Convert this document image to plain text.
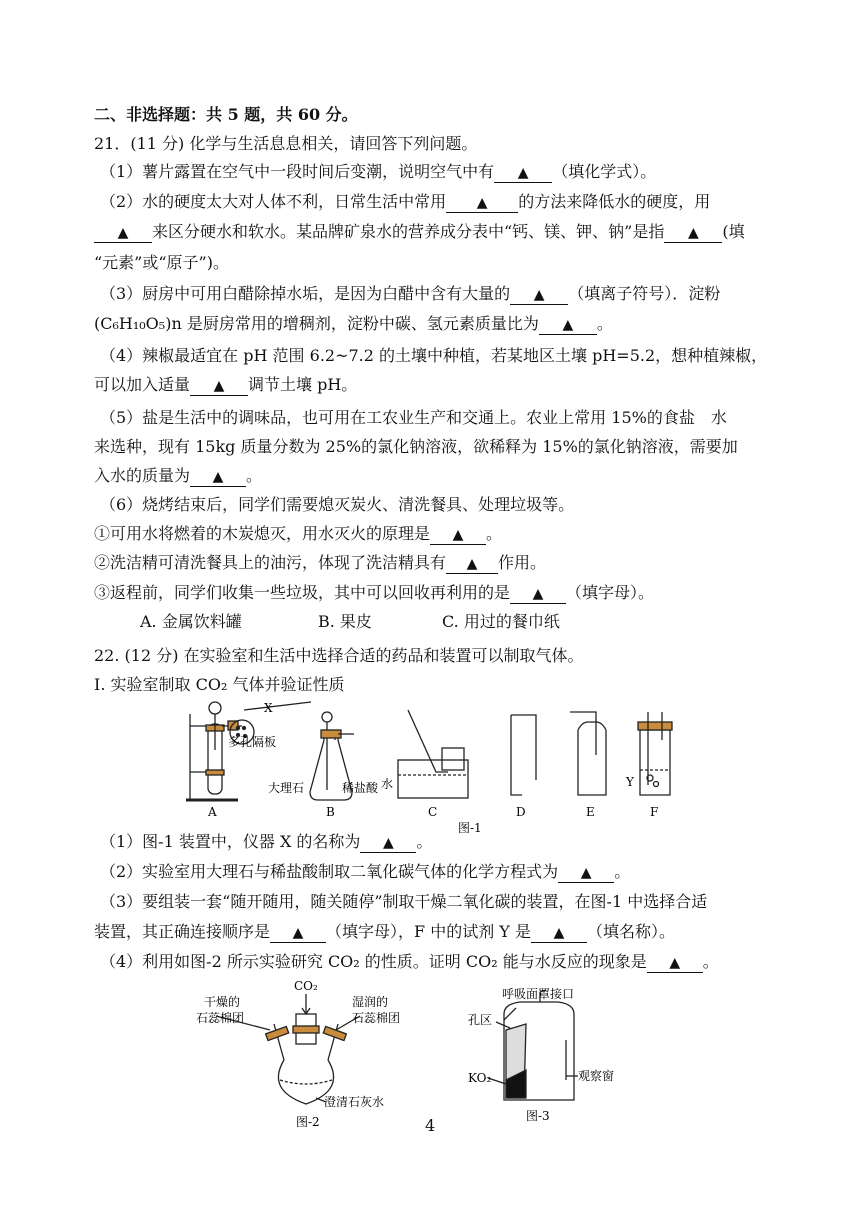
二、非选择题：共 5 题，共 60 分。
21．(11 分) 化学与生活息息相关，请回答下列问题。
（1）薯片露置在空气中一段时间后变潮，说明空气中有 ▲ （填化学式）。
（2）水的硬度太大对人体不利，日常生活中常用 ▲ 的方法来降低水的硬度，用
▲ 来区分硬水和软水。某品牌矿泉水的营养成分表中“钙、镁、钾、钠”是指 ▲ (填
“元素”或“原子”)。
（3）厨房中可用白醋除掉水垢，是因为白醋中含有大量的 ▲ （填离子符号）．淀粉
(C₆H₁₀O₅)n 是厨房常用的增稠剂，淀粉中碳、氢元素质量比为 ▲ 。
（4）辣椒最适宜在 pH 范围 6.2~7.2 的土壤中种植，若某地区土壤 pH=5.2，想种植辣椒，
可以加入适量 ▲ 调节土壤 pH。
（5）盐是生活中的调味品，也可用在工农业生产和交通上。农业上常用 15%的食盐　水
来选种，现有 15kg 质量分数为 25%的氯化钠溶液，欲稀释为 15%的氯化钠溶液，需要加
入水的质量为 ▲ 。
（6）烧烤结束后，同学们需要熄灭炭火、清洗餐具、处理垃圾等。
①可用水将燃着的木炭熄灭，用水灭火的原理是 ▲ 。
②洗洁精可清洗餐具上的油污，体现了洗洁精具有 ▲ 作用。
③返程前，同学们收集一些垃圾，其中可以回收再利用的是 ▲ （填字母）。
A. 金属饮料罐	B. 果皮	C. 用过的餐巾纸
22. (12 分) 在实验室和生活中选择合适的药品和装置可以制取气体。
I. 实验室制取 CO₂ 气体并验证性质
X
多孔隔板
大理石	稀盐酸 水	Y
A	B	C	D	E	F
图-1
（1）图-1 装置中，仪器 X 的名称为 ▲ 。
（2）实验室用大理石与稀盐酸制取二氧化碳气体的化学方程式为 ▲ 。
（3）要组装一套“随开随用，随关随停”制取干燥二氧化碳的装置，在图-1 中选择合适
装置，其正确连接顺序是 ▲ （填字母），F 中的试剂 Y 是 ▲ （填名称）。
（4）利用如图-2 所示实验研究 CO₂ 的性质。证明 CO₂ 能与水反应的现象是 ▲ 。
CO₂
干燥的
石蕊棉团
湿润的
石蕊棉团
澄清石灰水
图-2
呼吸面罩接口
孔区
KO₂	观察窗
图-3
4
